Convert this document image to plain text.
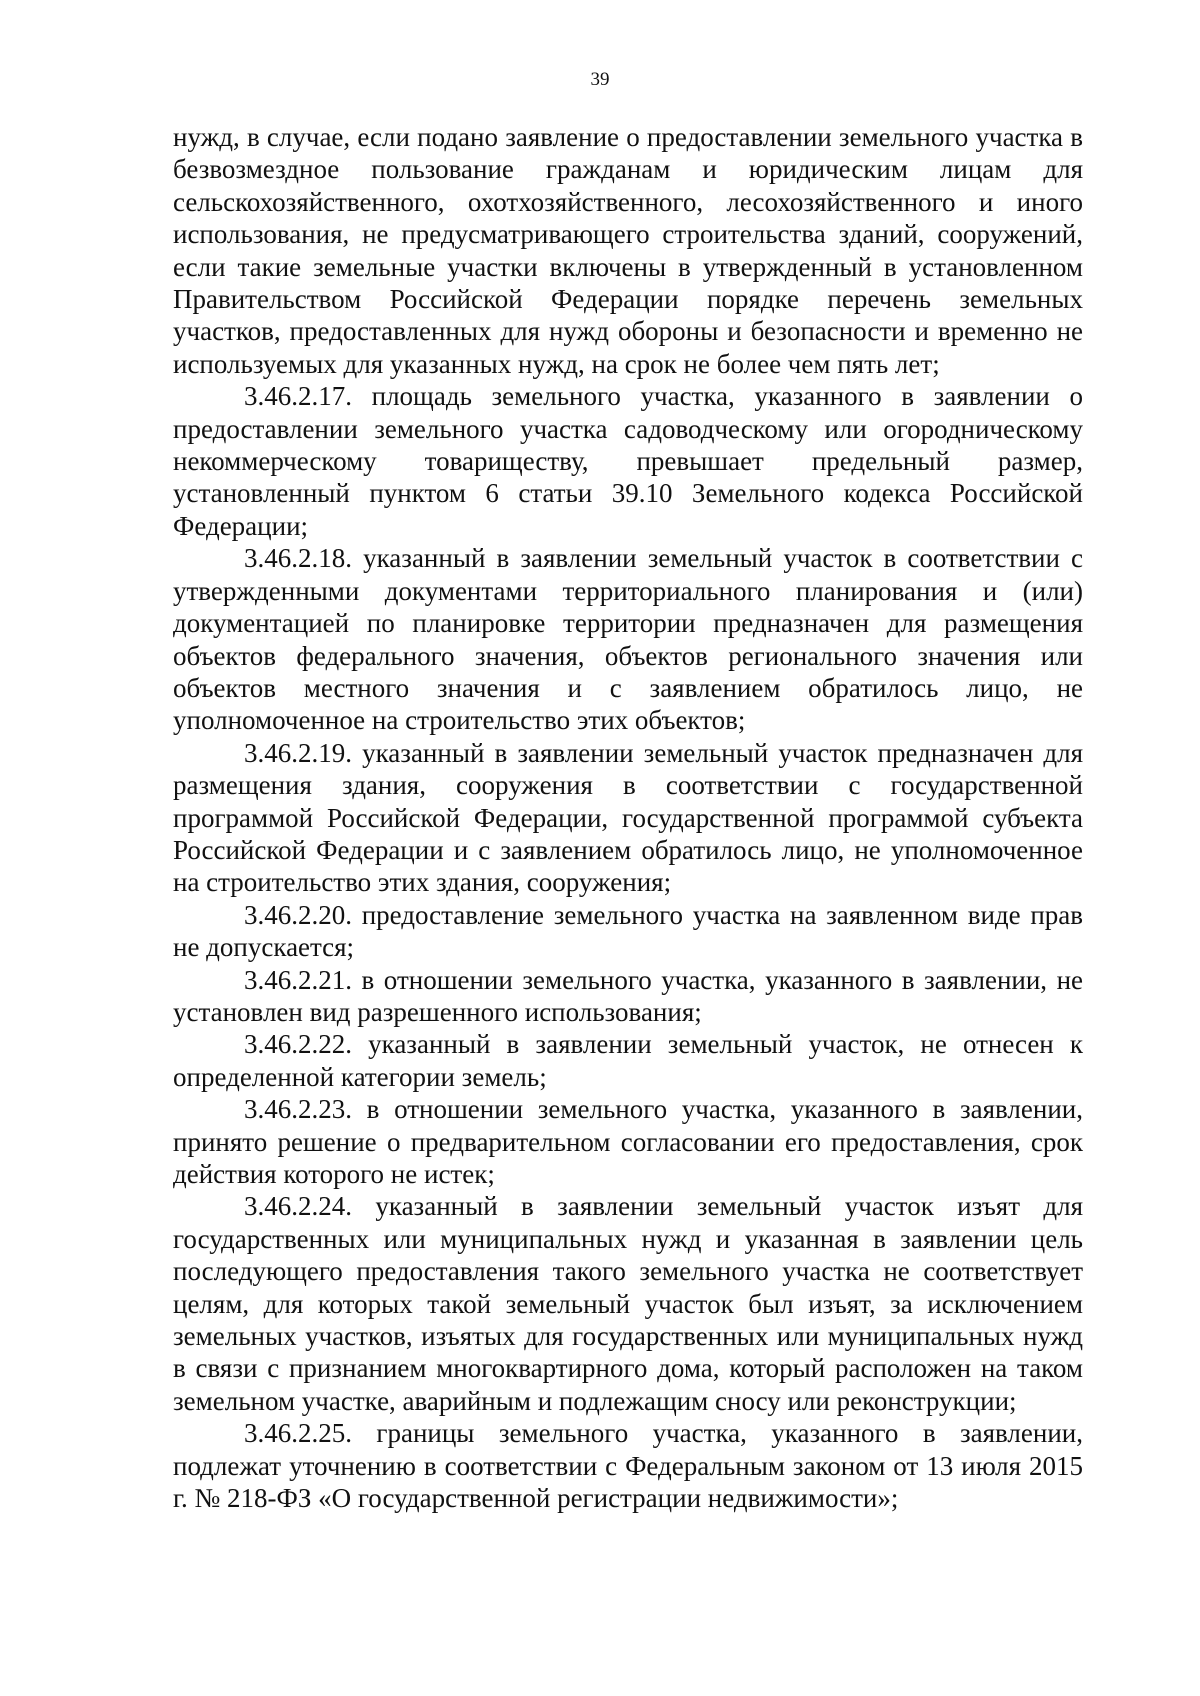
39

нужд, в случае, если подано заявление о предоставлении земельного участка в безвозмездное пользование гражданам и юридическим лицам для сельскохозяйственного, охотхозяйственного, лесохозяйственного и иного использования, не предусматривающего строительства зданий, сооружений, если такие земельные участки включены в утвержденный в установленном Правительством Российской Федерации порядке перечень земельных участков, предоставленных для нужд обороны и безопасности и временно не используемых для указанных нужд, на срок не более чем пять лет;

3.46.2.17. площадь земельного участка, указанного в заявлении о предоставлении земельного участка садоводческому или огородническому некоммерческому товариществу, превышает предельный размер, установленный пунктом 6 статьи 39.10 Земельного кодекса Российской Федерации;

3.46.2.18. указанный в заявлении земельный участок в соответствии с утвержденными документами территориального планирования и (или) документацией по планировке территории предназначен для размещения объектов федерального значения, объектов регионального значения или объектов местного значения и с заявлением обратилось лицо, не уполномоченное на строительство этих объектов;

3.46.2.19. указанный в заявлении земельный участок предназначен для размещения здания, сооружения в соответствии с государственной программой Российской Федерации, государственной программой субъекта Российской Федерации и с заявлением обратилось лицо, не уполномоченное на строительство этих здания, сооружения;

3.46.2.20. предоставление земельного участка на заявленном виде прав не допускается;

3.46.2.21. в отношении земельного участка, указанного в заявлении, не установлен вид разрешенного использования;

3.46.2.22. указанный в заявлении земельный участок, не отнесен к определенной категории земель;

3.46.2.23. в отношении земельного участка, указанного в заявлении, принято решение о предварительном согласовании его предоставления, срок действия которого не истек;

3.46.2.24. указанный в заявлении земельный участок изъят для государственных или муниципальных нужд и указанная в заявлении цель последующего предоставления такого земельного участка не соответствует целям, для которых такой земельный участок был изъят, за исключением земельных участков, изъятых для государственных или муниципальных нужд в связи с признанием многоквартирного дома, который расположен на таком земельном участке, аварийным и подлежащим сносу или реконструкции;

3.46.2.25. границы земельного участка, указанного в заявлении, подлежат уточнению в соответствии с Федеральным законом от 13 июля 2015 г. № 218-ФЗ «О государственной регистрации недвижимости»;
